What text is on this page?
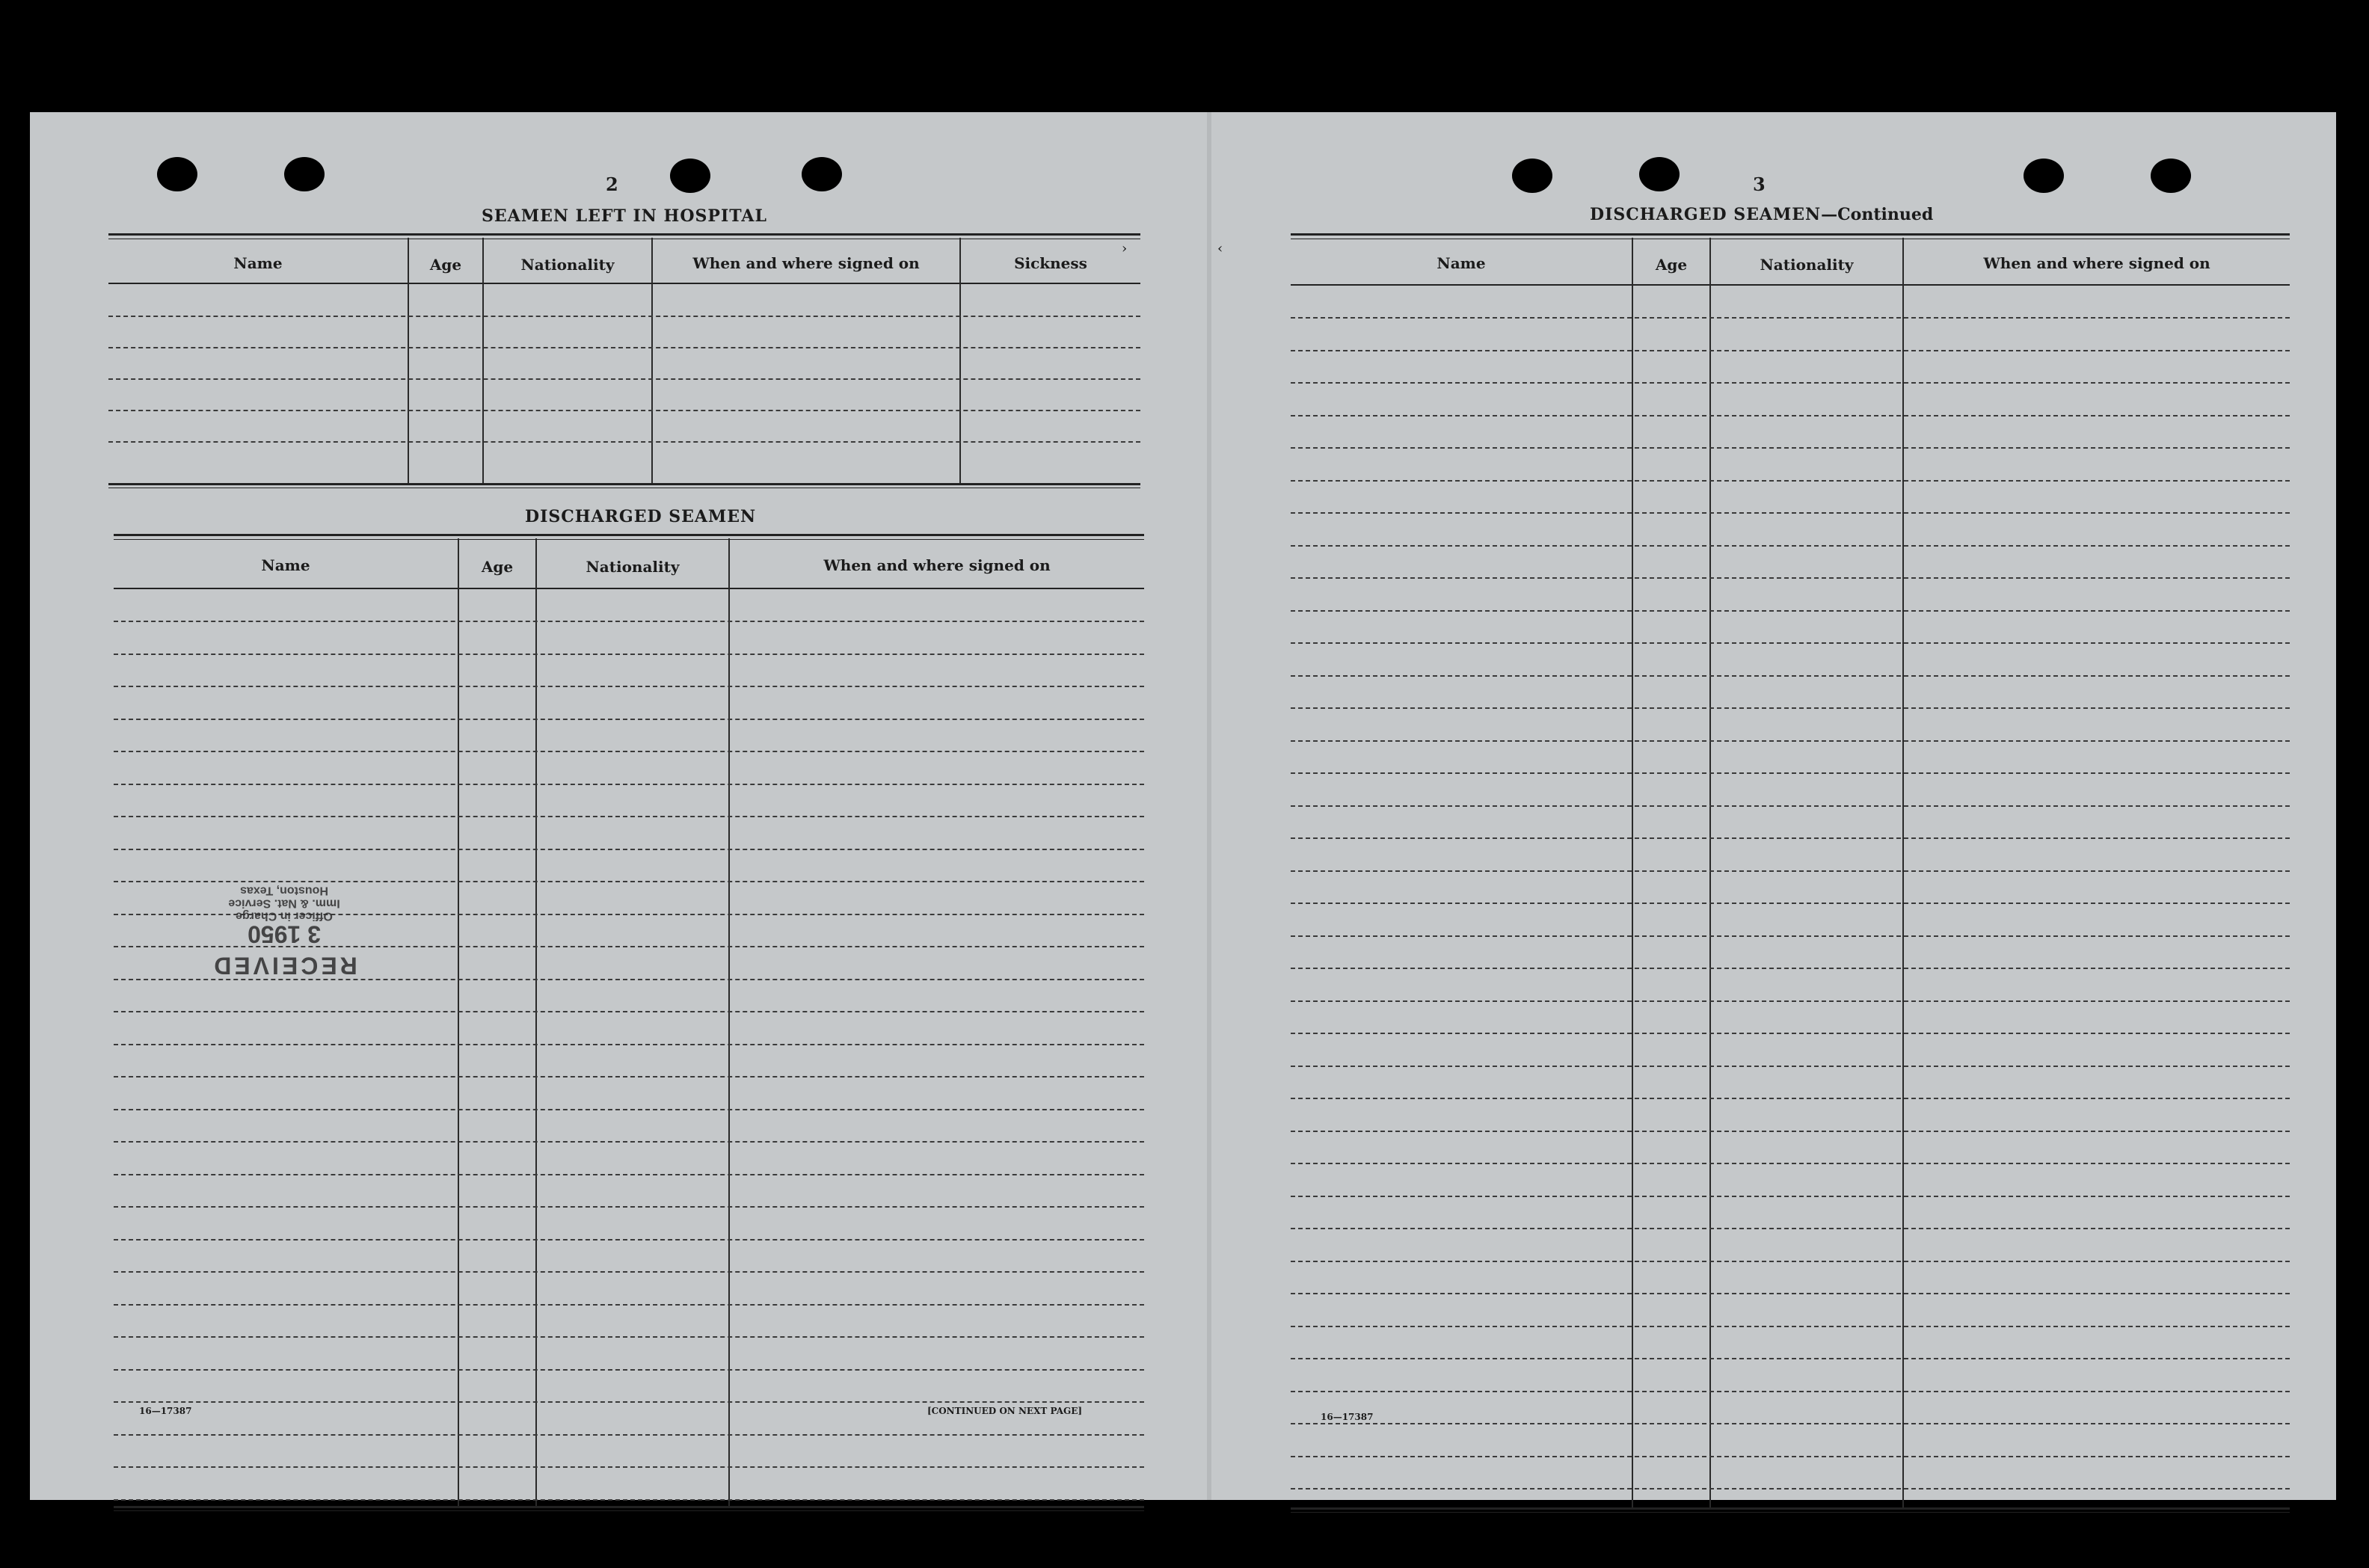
2
SEAMEN LEFT IN HOSPITAL
Name	Age	Nationality	When and where signed on	Sickness
DISCHARGED SEAMEN
Name	Age	Nationality	When and where signed on
RECEIVED
3 1950
Officer in Charge
Imm. & Nat. Service
Houston, Texas
16—17387	[CONTINUED ON NEXT PAGE]
›
3
DISCHARGED SEAMEN—Continued
‹
Name	Age	Nationality	When and where signed on
16—17387
